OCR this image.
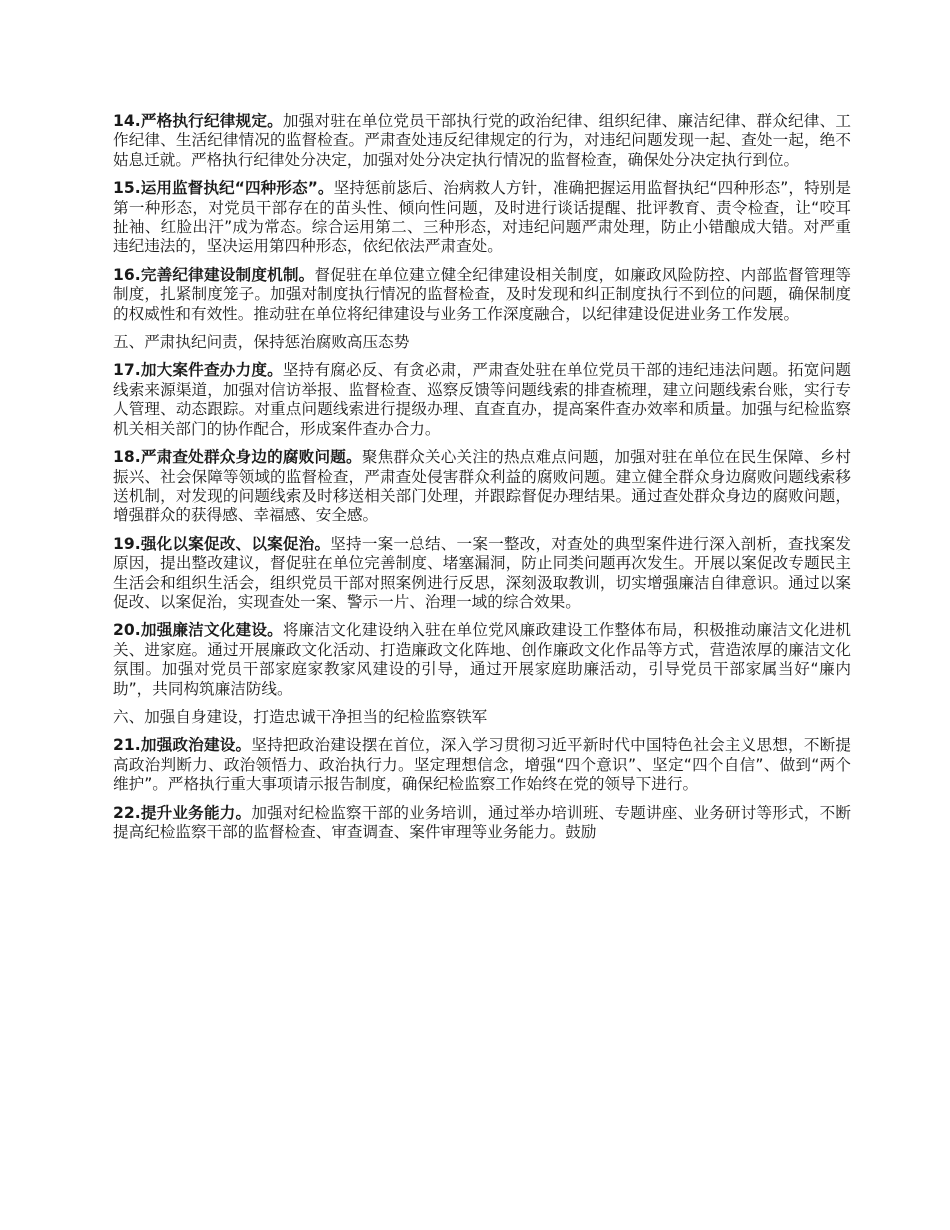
14.严格执行纪律规定。加强对驻在单位党员干部执行党的政治纪律、组织纪律、廉洁纪律、群众纪律、工作纪律、生活纪律情况的监督检查。严肃查处违反纪律规定的行为，对违纪问题发现一起、查处一起，绝不姑息迁就。严格执行纪律处分决定，加强对处分决定执行情况的监督检查，确保处分决定执行到位。

15.运用监督执纪“四种形态”。坚持惩前毖后、治病救人方针，准确把握运用监督执纪“四种形态”，特别是第一种形态，对党员干部存在的苗头性、倾向性问题，及时进行谈话提醒、批评教育、责令检查，让“咬耳扯袖、红脸出汗”成为常态。综合运用第二、三种形态，对违纪问题严肃处理，防止小错酿成大错。对严重违纪违法的，坚决运用第四种形态，依纪依法严肃查处。

16.完善纪律建设制度机制。督促驻在单位建立健全纪律建设相关制度，如廉政风险防控、内部监督管理等制度，扎紧制度笼子。加强对制度执行情况的监督检查，及时发现和纠正制度执行不到位的问题，确保制度的权威性和有效性。推动驻在单位将纪律建设与业务工作深度融合，以纪律建设促进业务工作发展。

五、严肃执纪问责，保持惩治腐败高压态势

17.加大案件查办力度。坚持有腐必反、有贪必肃，严肃查处驻在单位党员干部的违纪违法问题。拓宽问题线索来源渠道，加强对信访举报、监督检查、巡察反馈等问题线索的排查梳理，建立问题线索台账，实行专人管理、动态跟踪。对重点问题线索进行提级办理、直查直办，提高案件查办效率和质量。加强与纪检监察机关相关部门的协作配合，形成案件查办合力。

18.严肃查处群众身边的腐败问题。聚焦群众关心关注的热点难点问题，加强对驻在单位在民生保障、乡村振兴、社会保障等领域的监督检查，严肃查处侵害群众利益的腐败问题。建立健全群众身边腐败问题线索移送机制，对发现的问题线索及时移送相关部门处理，并跟踪督促办理结果。通过查处群众身边的腐败问题，增强群众的获得感、幸福感、安全感。

19.强化以案促改、以案促治。坚持一案一总结、一案一整改，对查处的典型案件进行深入剖析，查找案发原因，提出整改建议，督促驻在单位完善制度、堵塞漏洞，防止同类问题再次发生。开展以案促改专题民主生活会和组织生活会，组织党员干部对照案例进行反思，深刻汲取教训，切实增强廉洁自律意识。通过以案促改、以案促治，实现查处一案、警示一片、治理一域的综合效果。

20.加强廉洁文化建设。将廉洁文化建设纳入驻在单位党风廉政建设工作整体布局，积极推动廉洁文化进机关、进家庭。通过开展廉政文化活动、打造廉政文化阵地、创作廉政文化作品等方式，营造浓厚的廉洁文化氛围。加强对党员干部家庭家教家风建设的引导，通过开展家庭助廉活动，引导党员干部家属当好“廉内助”，共同构筑廉洁防线。

六、加强自身建设，打造忠诚干净担当的纪检监察铁军

21.加强政治建设。坚持把政治建设摆在首位，深入学习贯彻习近平新时代中国特色社会主义思想，不断提高政治判断力、政治领悟力、政治执行力。坚定理想信念，增强“四个意识”、坚定“四个自信”、做到“两个维护”。严格执行重大事项请示报告制度，确保纪检监察工作始终在党的领导下进行。

22.提升业务能力。加强对纪检监察干部的业务培训，通过举办培训班、专题讲座、业务研讨等形式，不断提高纪检监察干部的监督检查、审查调查、案件审理等业务能力。鼓励
